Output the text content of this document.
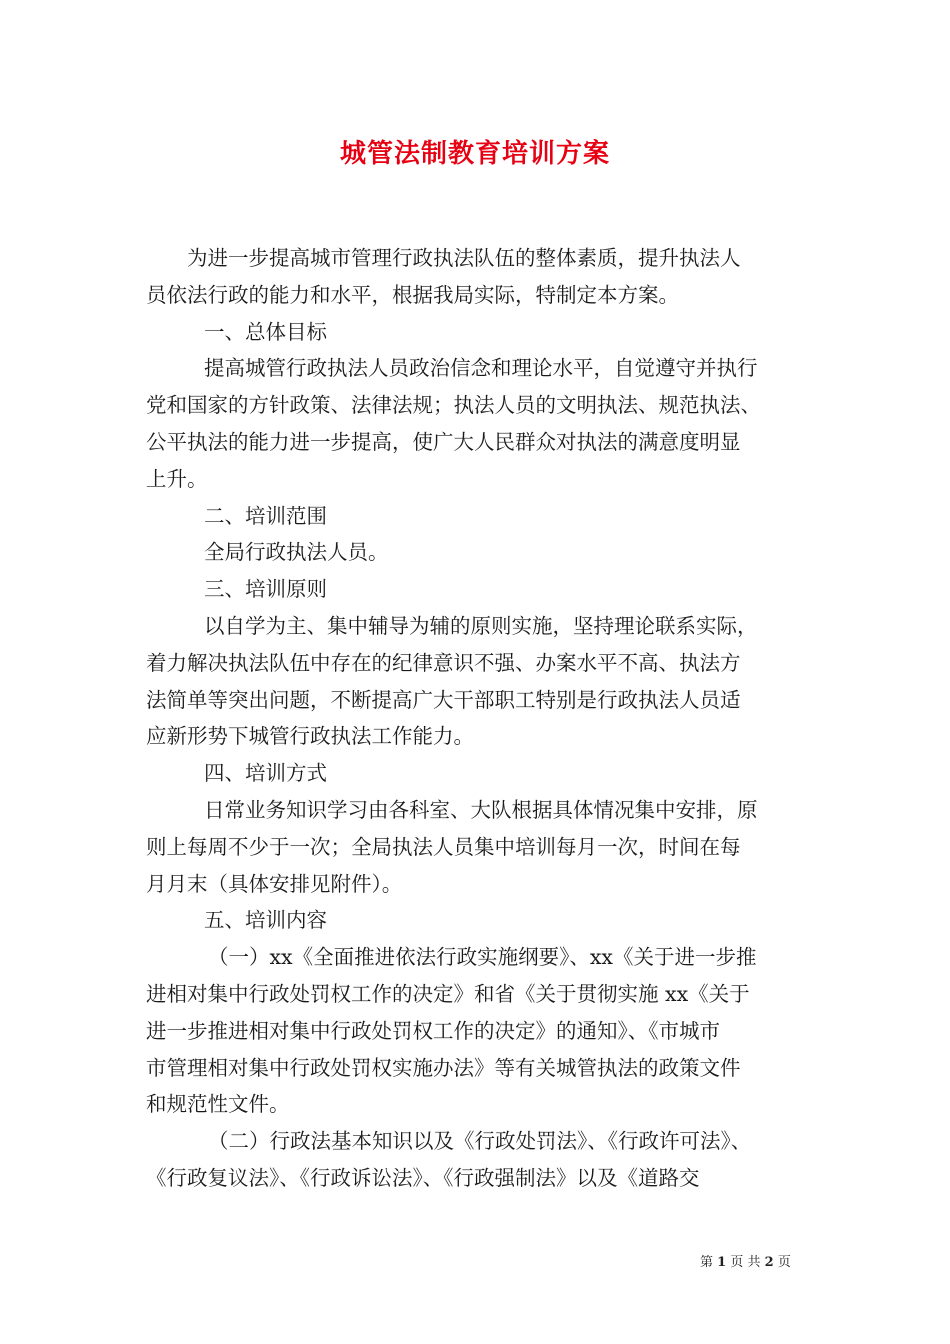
城管法制教育培训方案
为进一步提高城市管理行政执法队伍的整体素质，提升执法人
员依法行政的能力和水平，根据我局实际，特制定本方案。
一、总体目标
提高城管行政执法人员政治信念和理论水平，自觉遵守并执行
党和国家的方针政策、法律法规；执法人员的文明执法、规范执法、
公平执法的能力进一步提高，使广大人民群众对执法的满意度明显
上升。
二、培训范围
全局行政执法人员。
三、培训原则
以自学为主、集中辅导为辅的原则实施，坚持理论联系实际，
着力解决执法队伍中存在的纪律意识不强、办案水平不高、执法方
法简单等突出问题，不断提高广大干部职工特别是行政执法人员适
应新形势下城管行政执法工作能力。
四、培训方式
日常业务知识学习由各科室、大队根据具体情况集中安排，原
则上每周不少于一次；全局执法人员集中培训每月一次，时间在每
月月末（具体安排见附件）。
五、培训内容
（一）xx《全面推进依法行政实施纲要》、xx《关于进一步推
进相对集中行政处罚权工作的决定》和省《关于贯彻实施 xx《关于
进一步推进相对集中行政处罚权工作的决定》的通知》、《市城市
市管理相对集中行政处罚权实施办法》等有关城管执法的政策文件
和规范性文件。
（二）行政法基本知识以及《行政处罚法》、《行政许可法》、
《行政复议法》、《行政诉讼法》、《行政强制法》以及《道路交
第 1 页 共 2 页
